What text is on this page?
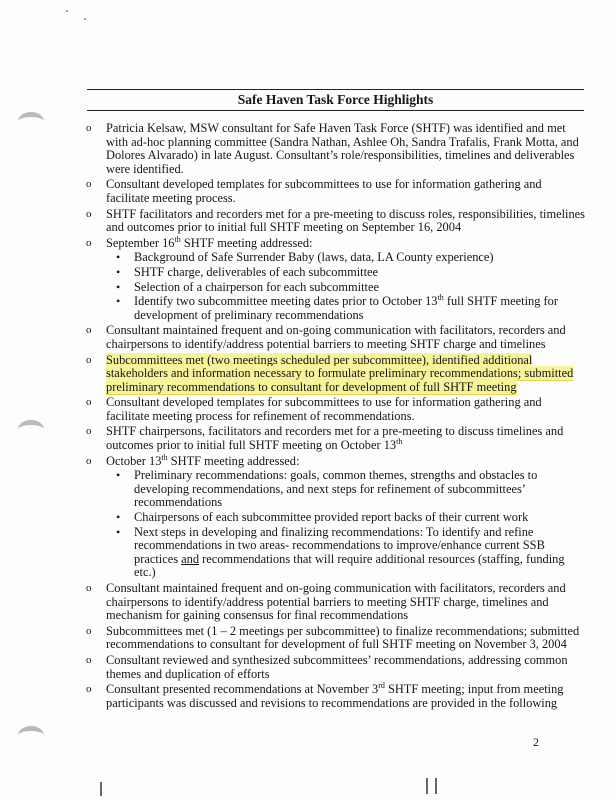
Safe Haven Task Force Highlights
o	Patricia Kelsaw, MSW consultant for Safe Haven Task Force (SHTF) was identified and met with ad-hoc planning committee (Sandra Nathan, Ashlee Oh, Sandra Trafalis, Frank Motta, and Dolores Alvarado) in late August. Consultant’s role/responsibilities, timelines and deliverables were identified.
o	Consultant developed templates for subcommittees to use for information gathering and facilitate meeting process.
o	SHTF facilitators and recorders met for a pre-meeting to discuss roles, responsibilities, timelines and outcomes prior to initial full SHTF meeting on September 16, 2004
o	September 16th SHTF meeting addressed:
• Background of Safe Surrender Baby (laws, data, LA County experience)
• SHTF charge, deliverables of each subcommittee
• Selection of a chairperson for each subcommittee
• Identify two subcommittee meeting dates prior to October 13th full SHTF meeting for development of preliminary recommendations
o	Consultant maintained frequent and on-going communication with facilitators, recorders and chairpersons to identify/address potential barriers to meeting SHTF charge and timelines
o	Subcommittees met (two meetings scheduled per subcommittee), identified additional stakeholders and information necessary to formulate preliminary recommendations; submitted preliminary recommendations to consultant for development of full SHTF meeting
o	Consultant developed templates for subcommittees to use for information gathering and facilitate meeting process for refinement of recommendations.
o	SHTF chairpersons, facilitators and recorders met for a pre-meeting to discuss timelines and outcomes prior to initial full SHTF meeting on October 13th
o	October 13th SHTF meeting addressed:
• Preliminary recommendations: goals, common themes, strengths and obstacles to developing recommendations, and next steps for refinement of subcommittees’ recommendations
• Chairpersons of each subcommittee provided report backs of their current work
• Next steps in developing and finalizing recommendations: To identify and refine recommendations in two areas- recommendations to improve/enhance current SSB practices and recommendations that will require additional resources (staffing, funding etc.)
o	Consultant maintained frequent and on-going communication with facilitators, recorders and chairpersons to identify/address potential barriers to meeting SHTF charge, timelines and mechanism for gaining consensus for final recommendations
o	Subcommittees met (1 – 2 meetings per subcommittee) to finalize recommendations; submitted recommendations to consultant for development of full SHTF meeting on November 3, 2004
o	Consultant reviewed and synthesized subcommittees’ recommendations, addressing common themes and duplication of efforts
o	Consultant presented recommendations at November 3rd SHTF meeting; input from meeting participants was discussed and revisions to recommendations are provided in the following
2
